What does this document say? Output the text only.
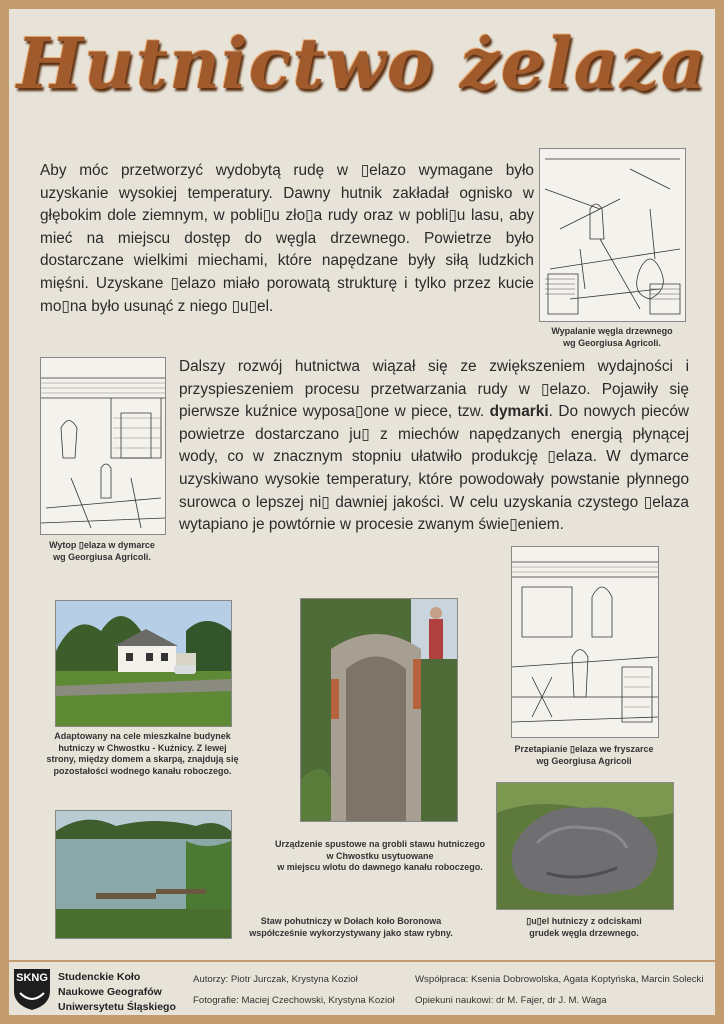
Hutnictwo żelaza
Aby móc przetworzyć wydobytą rudę w ▯elazo wymagane było uzyskanie wysokiej temperatury. Dawny hutnik zakładał ognisko w głębokim dole ziemnym, w pobli▯u zło▯a rudy oraz w pobli▯u lasu, aby mieć na miejscu dostęp do węgla drzewnego. Powietrze było dostarczane wielkimi miechami, które napędzane były siłą ludzkich mięśni. Uzyskane ▯elazo miało porowatą strukturę i tylko przez kucie mo▯na było usunąć z niego ▯u▯el.
Dalszy rozwój hutnictwa wiązał się ze zwiększeniem wydajności i przyspieszeniem procesu przetwarzania rudy w ▯elazo. Pojawiły się pierwsze kuźnice wyposa▯one w piece, tzw. dymarki. Do nowych pieców powietrze dostarczano ju▯ z miechów napędzanych energią płynącej wody, co w znacznym stopniu ułatwiło produkcję ▯elaza. W dymarce uzyskiwano wysokie temperatury, które powodowały powstanie płynnego surowca o lepszej ni▯ dawniej jakości. W celu uzyskania czystego ▯elaza wytapiano je powtórnie w procesie zwanym świe▯eniem.
Wypalanie węgla drzewnego
wg Georgiusa Agricoli.
Wytop ▯elaza w dymarce
wg Georgiusa Agricoli.
Przetapianie ▯elaza we fryszarce
wg Georgiusa Agricoli
Adaptowany na cele mieszkalne budynek
hutniczy w Chwostku - Kuźnicy. Z lewej
strony, między domem a skarpą, znajdują się
pozostałości wodnego kanału roboczego.
Urządzenie spustowe na grobli stawu hutniczego
w Chwostku usytuowane
w miejscu wlotu do dawnego kanału roboczego.
Staw pohutniczy w Dołach koło Boronowa
współcześnie wykorzystywany jako staw rybny.
▯u▯el hutniczy z odciskami
grudek węgla drzewnego.
SKNG Studenckie Koło
Naukowe Geografów
Uniwersytetu Śląskiego
Autorzy: Piotr Jurczak, Krystyna Kozioł
Fotografie: Maciej Czechowski, Krystyna Kozioł
Współpraca: Ksenia Dobrowolska, Agata Koptyńska, Marcin Solecki
Opiekuni naukowi: dr M. Fajer, dr J. M. Waga
